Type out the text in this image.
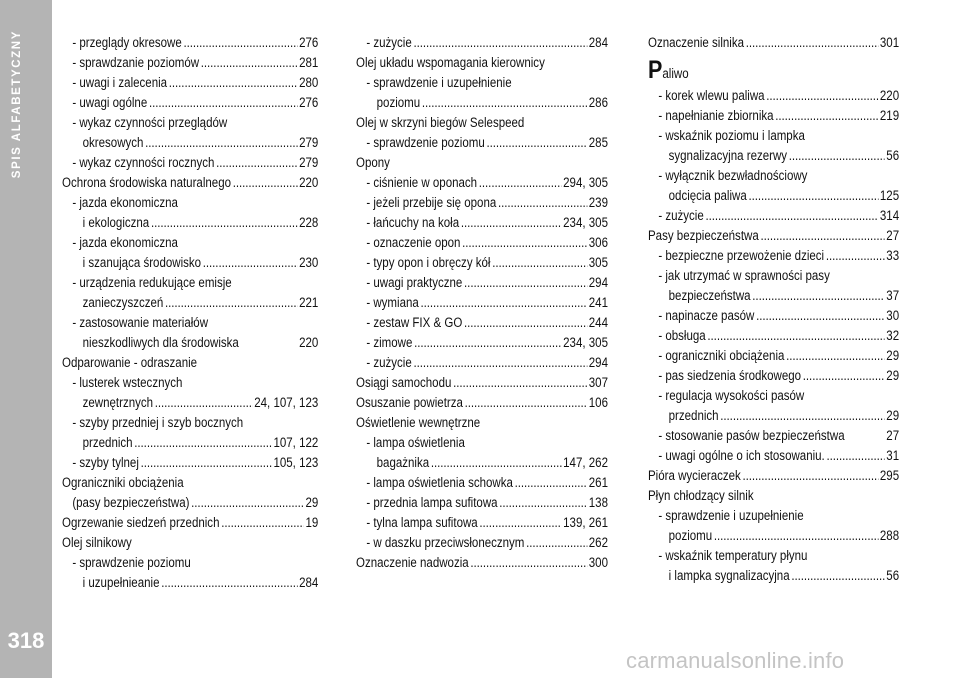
SPIS ALFABETYCZNY
318
- przeglądy okresowe . . .	276
- sprawdzanie poziomów . . .	281
- uwagi i zalecenia . . .	280
- uwagi ogólne . . .	276
- wykaz czynności przeglądów
okresowych . . .	279
- wykaz czynności rocznych . . .	279
Ochrona środowiska naturalnego . . .	220
- jazda ekonomiczna
i ekologiczna . . .	228
- jazda ekonomiczna
i szanująca środowisko . . .	230
- urządzenia redukujące emisje
zanieczyszczeń . . .	221
- zastosowanie materiałów
nieszkodliwych dla środowiska	220
Odparowanie - odraszanie
- lusterek wstecznych
zewnętrznych . . .	24, 107, 123
- szyby przedniej i szyb bocznych
przednich . . .	107, 122
- szyby tylnej . . .	105, 123
Ograniczniki obciążenia
(pasy bezpieczeństwa) . . .	29
Ogrzewanie siedzeń przednich . . .	19
Olej silnikowy
- sprawdzenie poziomu
i uzupełnieanie . . .	284
- zużycie . . .	284
Olej układu wspomagania kierownicy
- sprawdzenie i uzupełnienie
poziomu . . .	286
Olej w skrzyni biegów Selespeed
- sprawdzenie poziomu . . .	285
Opony
- ciśnienie w oponach . . .	294, 305
- jeżeli przebije się opona . . .	239
- łańcuchy na koła . . .	234, 305
- oznaczenie opon . . .	306
- typy opon i obręczy kół . . .	305
- uwagi praktyczne . . .	294
- wymiana . . .	241
- zestaw FIX & GO . . .	244
- zimowe . . .	234, 305
- zużycie . . .	294
Osiągi samochodu . . .	307
Osuszanie powietrza . . .	106
Oświetlenie wewnętrzne
- lampa oświetlenia
bagażnika . . .	147, 262
- lampa oświetlenia schowka . . .	261
- przednia lampa sufitowa . . .	138
- tylna lampa sufitowa . . .	139, 261
- w daszku przeciwsłonecznym . . .	262
Oznaczenie nadwozia . . .	300
Oznaczenie silnika . . .	301
Paliwo
- korek wlewu paliwa . . .	220
- napełnianie zbiornika . . .	219
- wskaźnik poziomu i lampka
sygnalizacyjna rezerwy . . .	56
- wyłącznik bezwładnościowy
odcięcia paliwa . . .	125
- zużycie . . .	314
Pasy bezpieczeństwa . . .	27
- bezpieczne przewożenie dzieci . . .	33
- jak utrzymać w sprawności pasy
bezpieczeństwa . . .	37
- napinacze pasów . . .	30
- obsługa . . .	32
- ograniczniki obciążenia . . .	29
- pas siedzenia środkowego . . .	29
- regulacja wysokości pasów
przednich . . .	29
- stosowanie pasów bezpieczeństwa	27
- uwagi ogólne o ich stosowaniu. . . .	31
Pióra wycieraczek . . .	295
Płyn chłodzący silnik
- sprawdzenie i uzupełnienie
poziomu . . .	288
- wskaźnik temperatury płynu
i lampka sygnalizacyjna . . .	56
carmanualsonline.info
